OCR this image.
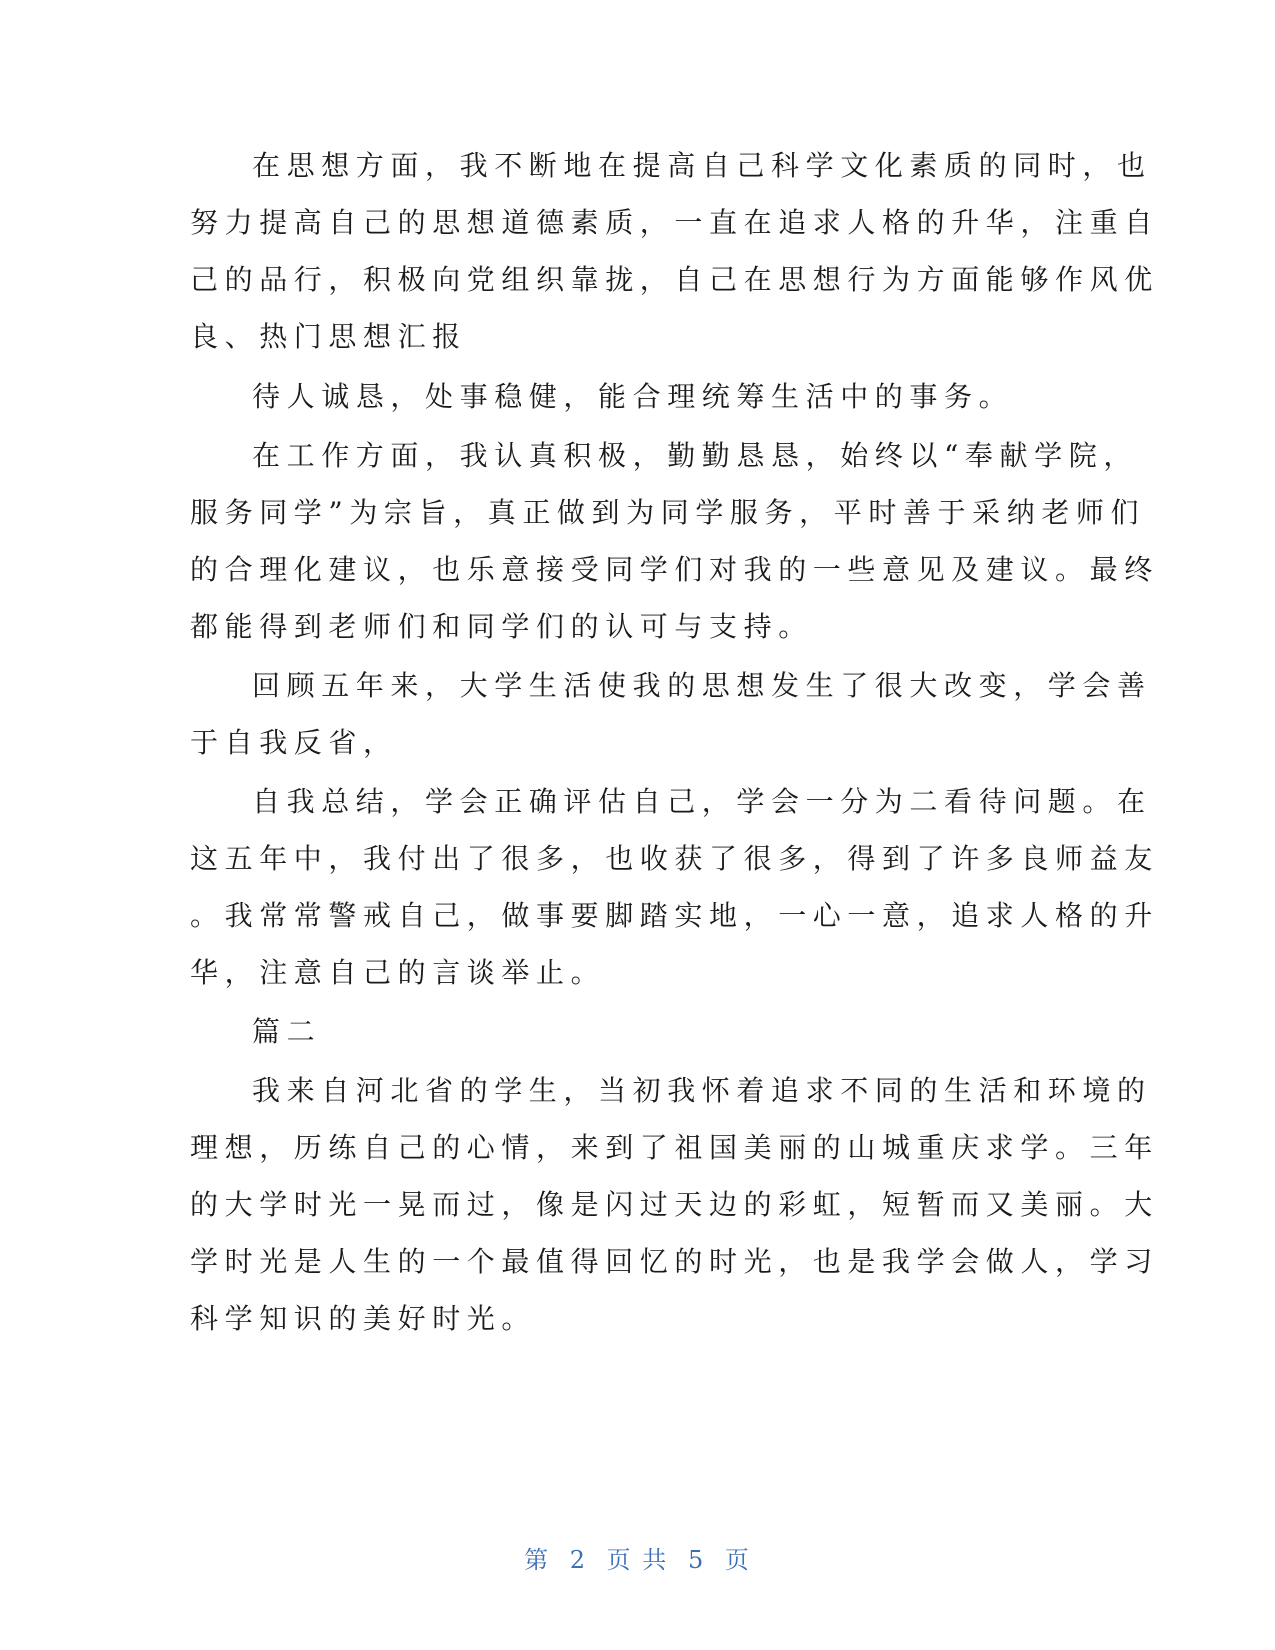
在思想方面，我不断地在提高自己科学文化素质的同时，也
努力提高自己的思想道德素质，一直在追求人格的升华，注重自
己的品行，积极向党组织靠拢，自己在思想行为方面能够作风优
良、热门思想汇报
待人诚恳，处事稳健，能合理统筹生活中的事务。
在工作方面，我认真积极，勤勤恳恳，始终以“奉献学院，
服务同学”为宗旨，真正做到为同学服务，平时善于采纳老师们
的合理化建议，也乐意接受同学们对我的一些意见及建议。最终
都能得到老师们和同学们的认可与支持。
回顾五年来，大学生活使我的思想发生了很大改变，学会善
于自我反省，
自我总结，学会正确评估自己，学会一分为二看待问题。在
这五年中，我付出了很多，也收获了很多，得到了许多良师益友
。我常常警戒自己，做事要脚踏实地，一心一意，追求人格的升
华，注意自己的言谈举止。
篇二
我来自河北省的学生，当初我怀着追求不同的生活和环境的
理想，历练自己的心情，来到了祖国美丽的山城重庆求学。三年
的大学时光一晃而过，像是闪过天边的彩虹，短暂而又美丽。大
学时光是人生的一个最值得回忆的时光，也是我学会做人，学习
科学知识的美好时光。
第 2 页 共 5 页
